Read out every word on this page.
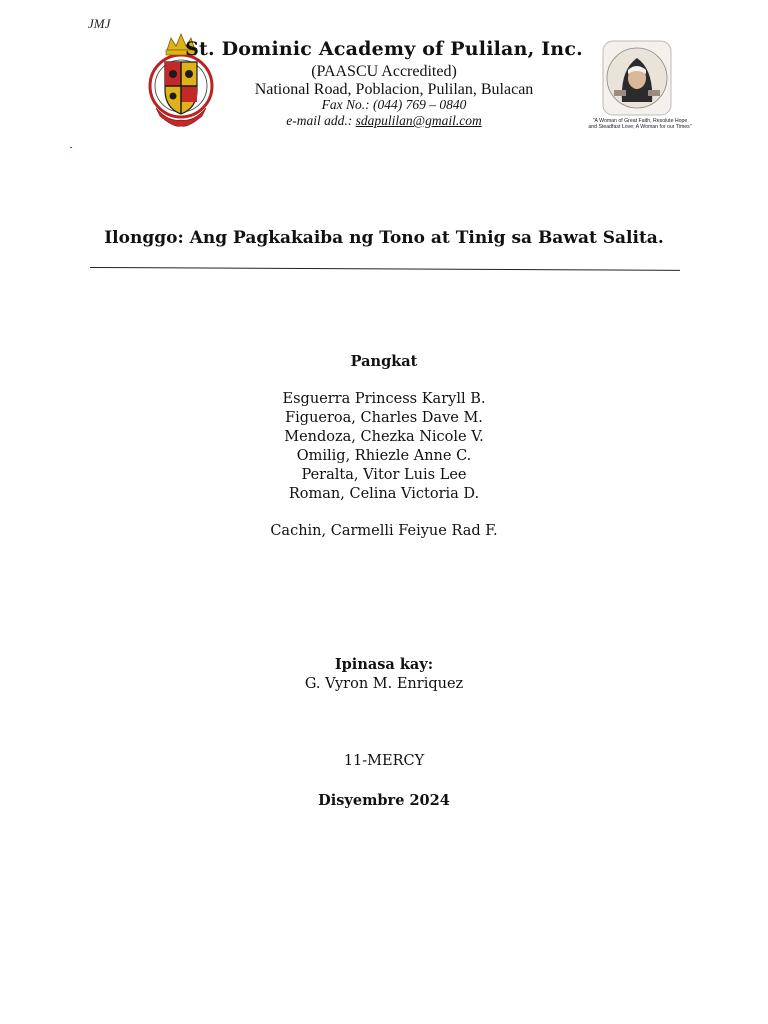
JMJ
St. Dominic Academy of Pulilan, Inc.
(PAASCU Accredited)
National Road, Poblacion, Pulilan, Bulacan
Fax No.: (044) 769 – 0840
e-mail add.: sdapulilan@gmail.com	"A Woman of Great Faith, Resolute Hope
and Steadfast Love; A Woman for our Times"
Ilonggo: Ang Pagkakaiba ng Tono at Tinig sa Bawat Salita.
Pangkat
Esguerra Princess Karyll B.
Figueroa, Charles Dave M.
Mendoza, Chezka Nicole V.
Omilig, Rhiezle Anne C.
Peralta, Vitor Luis Lee
Roman, Celina Victoria D.
Cachin, Carmelli Feiyue Rad F.
Ipinasa kay:
G. Vyron M. Enriquez
11-MERCY
Disyembre 2024
